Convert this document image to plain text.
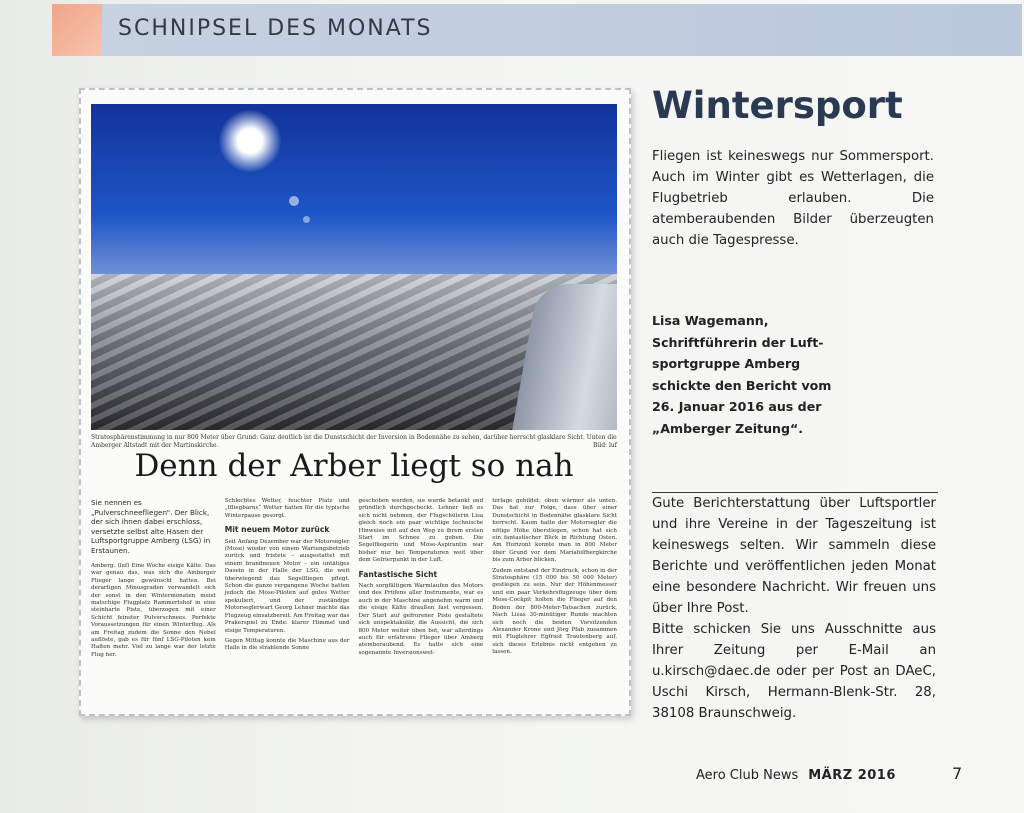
SCHNIPSEL DES MONATS
Stratosphärenstimmung in nur 800 Meter über Grund: Ganz deutlich ist die Dunstschicht der Inversion in Bodennähe zu sehen, darüber herrscht glasklare Sicht. Unten die Amberger Altstadt mit der Martinskirche.	Bild: luf
Denn der Arber liegt so nah

Sie nennen es „Pulverschneefliegen“. Der Blick, der sich ihnen dabei erschloss, versetzte selbst alte Hasen der Luftsportgruppe Amberg (LSG) in Erstaunen.

Amberg. (luf) Eine Woche eisige Kälte. Das war genau das, was sich die Amberger Flieger lange gewünscht hatten. Bei derartigen Minusgraden verwandelt sich der sonst in den Wintermonaten meist matschige Flugplatz Rammertshof in eine steinharte Piste, überzogen mit einer Schicht feinster Pulverschnees. Perfekte Voraussetzungen für einen Winterflug. Als am Freitag zudem die Sonne den Nebel auflöste, gab es für fünf LSG-Piloten kein Halten mehr. Viel zu lange war der letzte Flug her.

Schlechtes Wetter, feuchter Platz und „Ifliegbarns“ Wetter hatten für die typische Winterpause gesorgt.

Mit neuem Motor zurück

Seit Anfang Dezember war der Motorsegler (Mose) wieder von einem Wartungsbetrieb zurück und fristete – ausgestattet mit einem brandneuen Motor – ein untätiges Dasein in der Halle der LSG, die weit überwiegend das Segelfliegen pflegt. Schon die ganze vergangene Woche hatten jedoch die Mose-Piloten auf gutes Wetter spekuliert, und der zuständige Motorseglerwart Georg Lehner machte das Flugzeug einsatzbereit. Am Freitag war das Prakerspiel zu Ende: klarer Himmel und eisige Temperaturen.

Gegen Mittag konnte die Maschine aus der Halle in die strahlende Sonne

geschoben werden, sie wurde betankt und gründlich durchgecheckt. Lehner ließ es sich nicht nehmen, der Flugschülerin Lisa gleich noch ein paar wichtige technische Hinweise mit auf den Weg zu ihrem ersten Start im Schnee zu geben. Die Segelfliegerin und Mose-Aspirantin war bisher nur bei Temperaturen weit über dem Gefrierpunkt in der Luft.

Fantastische Sicht

Nach sorgfältigem Warmlaufen des Motors und des Prüfens aller Instrumente, war es auch in der Maschine angenehm warm und die eisige Kälte draußen fast vergessen. Der Start auf gefrorener Piste gestaltete sich unspektakulär, die Aussicht, die sich 800 Meter weiter oben bot, war allerdings auch für erfahrene Flieger über Amberg atemberaubend. Es hatte sich eine sogenannte Inversionswet-

terlage gebildet, oben wärmer als unten. Das hat zur Folge, dass über einer Dunstschicht in Bodennähe glasklare Sicht herrscht. Kaum hatte der Motorsegler die nötige Höhe überstiegen, schon hat sich ein fantastischer Blick in Richtung Osten. Am Horizont konnte man in 800 Meter über Grund vor dem Mariahilfbergkirche bis zum Arber blicken.

Zudem entstand der Eindruck, schon in der Stratosphäre (15 000 bis 50 000 Meter) gestiegen zu sein. Nur der Höhenmesser und ein paar Verkehrsflugzeuge über dem Mose-Cockpit holten die Flieger auf den Boden der 800-Meter-Tatsachen zurück. Nach Lisas 30-minütiger Runde machten sich noch die beiden Vorsitzenden Alexander Krone und Jörg Pfab zusammen mit Fluglehrer Egfried Trautenberg auf, sich dieses Erlebnis nicht entgehen zu lassen.

Wintersport
Fliegen ist keineswegs nur Sommersport. Auch im Winter gibt es Wetterlagen, die Flugbetrieb erlauben. Die atemberaubenden Bilder überzeugten auch die Tagespresse.
Lisa Wagemann,
Schriftführerin der Luft-
sportgruppe Amberg
schickte den Bericht vom
26. Januar 2016 aus der
„Amberger Zeitung“.

Gute Berichterstattung über Luftsportler und ihre Vereine in der Tageszeitung ist keineswegs selten. Wir sammeln diese Berichte und veröffentlichen jeden Monat eine besondere Nachricht. Wir freuen uns über Ihre Post.

Bitte schicken Sie uns Ausschnitte aus Ihrer Zeitung per E-Mail an u.kirsch@daec.de oder per Post an DAeC, Uschi Kirsch, Hermann-Blenk-Str. 28, 38108 Braunschweig.

Aero Club News MÄRZ 2016	7
